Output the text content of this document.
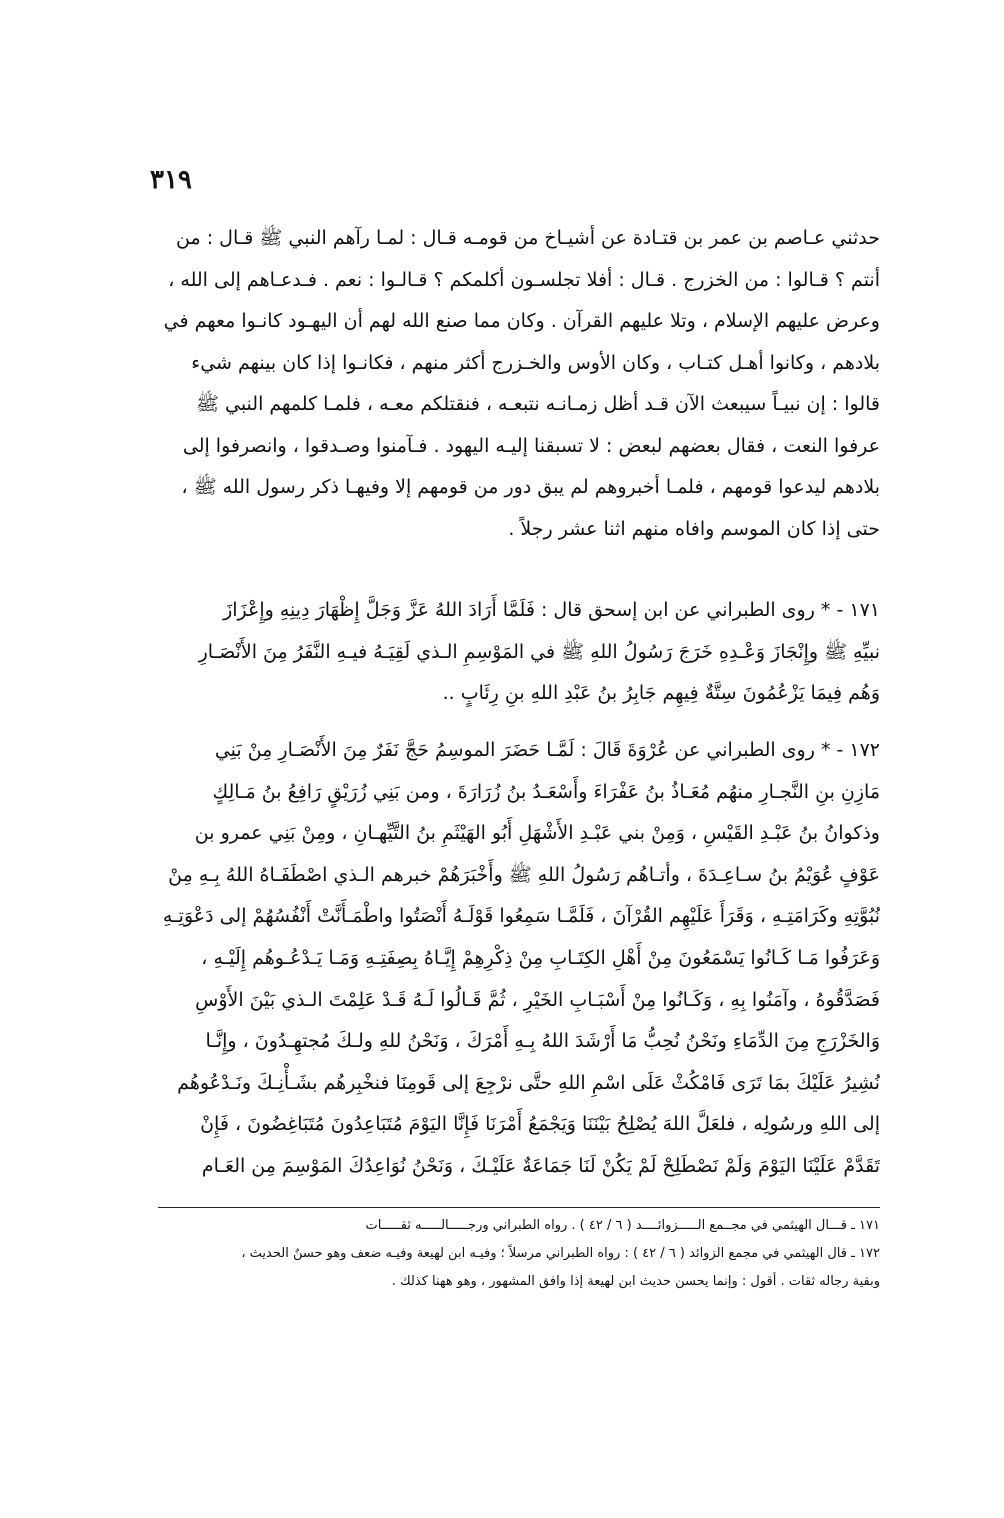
٣١٩
حدثني عـاصم بن عمر بن قتـادة عن أشيـاخ من قومـه قـال : لمـا رآهم النبي ﷺ قـال : من
أنتم ؟ قـالوا : من الخزرج . قـال : أفلا تجلسـون أكلمكم ؟ قـالـوا : نعم . فـدعـاهم إلى الله ،
وعرض عليهم الإسلام ، وتلا عليهم القرآن . وكان مما صنع الله لهم أن اليهـود كانـوا معهم في
بلادهم ، وكانوا أهـل كتـاب ، وكان الأوس والخـزرج أكثر منهم ، فكانـوا إذا كان بينهم شيء
قالوا : إن نبيـاً سيبعث الآن قـد أظل زمـانـه نتبعـه ، فنقتلكم معـه ، فلمـا كلمهم النبي ﷺ
عرفوا النعت ، فقال بعضهم لبعض : لا تسبقنا إليـه اليهود . فـآمنوا وصـدقوا ، وانصرفوا إلى
بلادهم ليدعوا قومهم ، فلمـا أخبروهم لم يبق دور من قومهم إلا وفيهـا ذكر رسول الله ﷺ ،
حتى إذا كان الموسم وافاه منهم اثنا عشر رجلاً .
١٧١ - * روى الطبراني عن ابن إسحق قال : فَلَمَّا أَرَادَ اللهُ عَزَّ وَجَلَّ إِظْهَارَ دِينِهِ وإِعْزَازَ
نبيِّهِ ﷺ وإِنْجَازَ وَعْـدِهِ خَرَجَ رَسُولُ اللهِ ﷺ في المَوْسِمِ الـذي لَقِيَـهُ فيـهِ النَّفَرُ مِنَ الأَنْصَـارِ
وَهُم فِيمَا يَزْعُمُونَ سِتَّةٌ فِيهِم جَابِرُ بنُ عَبْدِ اللهِ بنِ رِئَابٍ ..
١٧٢ - * روى الطبراني عن عُرْوَةَ قَالَ : لَمَّـا حَضَرَ الموسِمُ حَجَّ نَفَرٌ مِنَ الأَنْصَـارِ مِنْ بَنِي
مَازِنِ بنِ النَّجـارِ منهُم مُعَـاذُ بنُ عَفْرَاءَ وأَسْعَـدُ بنُ زُرَارَةَ ، ومن بَنِي زُرَيْقٍ رَافِعُ بنُ مَـالِكٍ
وذكوانُ بنُ عَبْـدِ القَيْسِ ، وَمِنْ بني عَبْـدِ الأَشْهَلِ أَبُو الهَيْثَمِ بنُ التَّيِّهـانِ ، ومِنْ بَنِي عمرو بن
عَوْفٍ عُوَيْمُ بنُ سـاعِـدَةَ ، وأتـاهُم رَسُولُ اللهِ ﷺ وأَخْبَرَهُمْ خبرهم الـذي اصْطَفَـاهُ اللهُ بِـهِ مِنْ
نُبُوَّتِهِ وكَرَامَتِـهِ ، وَقَرَأَ عَلَيْهِم القُرْآنَ ، فَلَمَّـا سَمِعُوا قَوْلَـهُ أَنْصَتُوا واطْمَـأَنَّتْ أَنْفُسُهُمْ إلى دَعْوَتِـهِ
وَعَرَفُوا مَـا كَـانُوا يَسْمَعُونَ مِنْ أَهْلِ الكِتَـابِ مِنْ ذِكْرِهِمْ إِيَّـاهُ بِصِفَتِـهِ وَمَـا يَـدْعُـوهُم إِلَيْـهِ ،
فَصَدَّقُوهُ ، وآمَنُوا بِهِ ، وَكَـانُوا مِنْ أَسْبَـابِ الخَيْرِ ، ثُمَّ قَـالُوا لَـهُ قَـدْ عَلِمْتَ الـذي بَيْنَ الأَوْسِ
وَالخَزْرَجِ مِنَ الدِّمَاءِ ونَحْنُ نُحِبُّ مَا أَرْشَدَ اللهُ بِـهِ أَمْرَكَ ، وَنَحْنُ للهِ ولـكَ مُجتهِـدُونَ ، وإِنَّـا
نُشِيرُ عَلَيْكَ بمَا تَرَى فَامْكُثْ عَلَى اسْمِ اللهِ حتَّى نرْجِعَ إلى قَومِنَا فنخْبِرهُم بشَـأْنِـكَ ونَـدْعُوهُم
إلى اللهِ ورسُولِه ، فلعَلَّ اللهَ يُصْلِحُ بَيْنَنَا وَيَجْمَعُ أَمْرَنَا فَإِنَّا اليَوْمَ مُتَبَاعِدُونَ مُتَبَاغِضُونَ ، فَإِنْ
تَقَدَّمْ عَلَيْنَا اليَوْمَ وَلَمْ نَصْطَلِحْ لَمْ يَكُنْ لَنَا جَمَاعَةٌ عَلَيْـكَ ، وَنَحْنُ نُوَاعِدُكَ المَوْسِمَ مِن العَـام
١٧١ ـ قـــال الهيثمي في مجــمع الـــــزوائــــد ( ٦ / ٤٢ ) . رواه الطبراني ورجـــــالـــــه ثقـــــات
١٧٢ ـ قال الهيثمي في مجمع الزوائد ( ٦ / ٤٢ ) : رواه الطبراني مرسلاً ؛ وفيـه ابن لهيعة وفيـه ضعف وهو حسنُ الحديث ،
وبقية رجاله ثقات . أقول : وإنما يحسن حديث ابن لهيعة إذا وافق المشهور ، وهو ههنا كذلك .
